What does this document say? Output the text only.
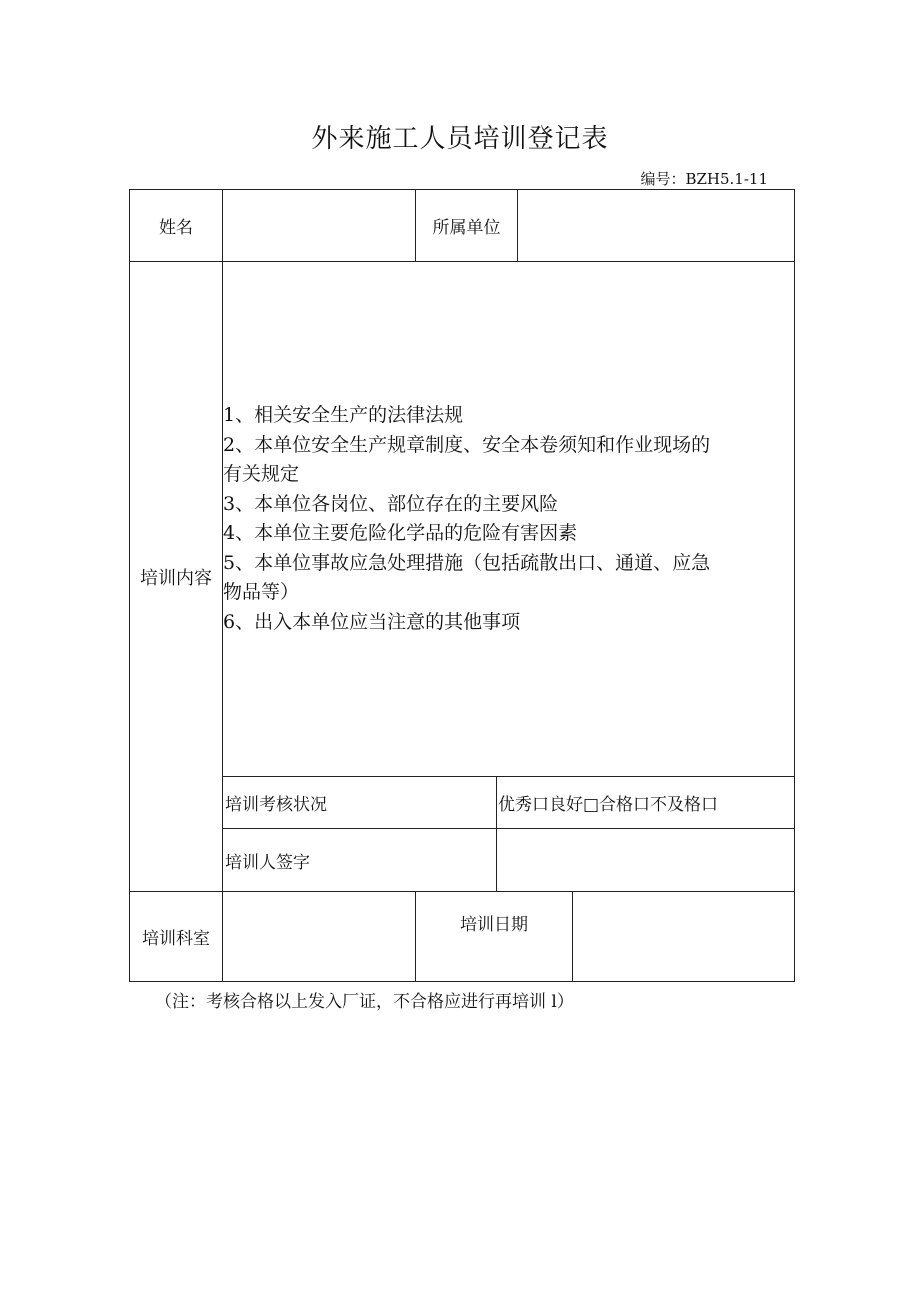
外来施工人员培训登记表
编号：BZH5.1-11
姓名	所属单位
培训内容
1、相关安全生产的法律法规
2、本单位安全生产规章制度、安全本卷须知和作业现场的
有关规定
3、本单位各岗位、部位存在的主要风险
4、本单位主要危险化学品的危险有害因素
5、本单位事故应急处理措施（包括疏散出口、通道、应急
物品等）
6、出入本单位应当注意的其他事项
培训考核状况	优秀口良好□合格口不及格口
培训人签字
培训科室
培训日期
（注：考核合格以上发入厂证，不合格应进行再培训 l）
